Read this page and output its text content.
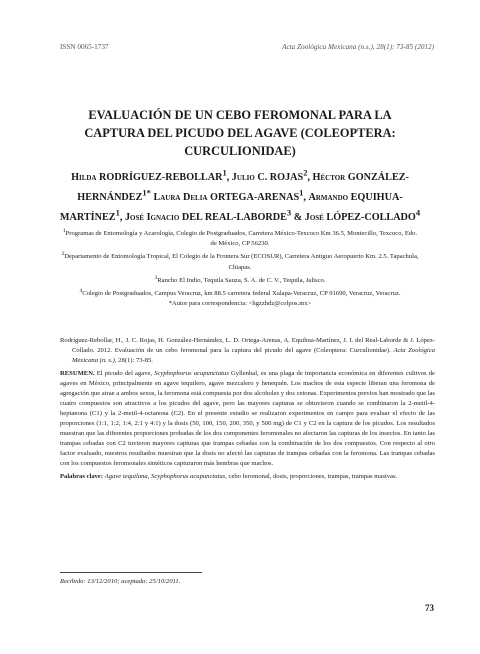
ISSN 0065-1737	Acta Zoológica Mexicana (n.s.), 28(1): 73-85 (2012)
EVALUACIÓN DE UN CEBO FEROMONAL PARA LA CAPTURA DEL PICUDO DEL AGAVE (COLEOPTERA: CURCULIONIDAE)
Hilda RODRÍGUEZ-REBOLLAR$^1$, Julio C. ROJAS$^2$, Héctor GONZÁLEZ-$HERNÁNDEZ^{1*}$ Laura Delia ORTEGA-ARENAS$^1$, Armando EQUIHUA-MARTÍNEZ$^1$, José Ignacio DEL REAL-LABORDE$^3$ & José LÓPEZ-COLLADO$^4$

$^1$Programas de Entomología y Acarología, Colegio de Postgraduados, Carretera México-Texcoco Km 36.5, Montecillo, Texcoco, Edo. de México, CP 56230.

$^2$Departamento de Entomología Tropical, El Colegio de la Frontera Sur (ECOSUR), Carretera Antiguo Aeropuerto Km. 2.5. Tapachula, Chiapas.

$^3$Rancho El Indio, Tequila Sauza, S. A. de C. V., Tequila, Jalisco.

$^4$Colegio de Postgraduados, Campus Veracruz, km 88.5 carretera federal Xalapa-Veracruz, CP 91690, Veracruz, Veracruz.

*Autor para correspondencia: <hgzzhdz@colpos.mx>

Rodríguez-Rebollar, H., J. C. Rojas, H. González-Hernández, L. D. Ortega-Arenas, A. Equihua-Martínez, J. I. del Real-Laborde & J. López-Collado. 2012. Evaluación de un cebo feromonal para la captura del picudo del agave (Coleoptera: Curculionidae). Acta Zoológica Mexicana (n. s.), 28(1): 73-85.

RESUMEN. El picudo del agave, Scyphophorus acupunctatus Gyllenhal, es una plaga de importancia económica en diferentes cultivos de agaves en México, principalmente en agave tequilero, agave mezcalero y henequén. Los machos de esta especie liberan una feromona de agregación que atrae a ambos sexos, la feromona está compuesta por dos alcoholes y dos cetonas. Experimentos previos han mostrado que las cuatro compuestos son atractivos a los picudos del agave, pero las mayores capturas se obtuvieron cuando se combinaron la 2-metil-4-heptanona (C1) y la 2-metil-4-octanona (C2). En el presente estudio se realizaron experimentos en campo para evaluar el efecto de las proporciones (1:1, 1:2, 1:4, 2:1 y 4:1) y la dosis (50, 100, 150, 200, 350, y 500 mg) de C1 y C2 en la captura de los picudos. Los resultados muestran que las diferentes proporciones probadas de los dos componentes feromonales no afectaron las capturas de los insectos. En tanto las trampas cebadas con C2 tuvieron mayores capturas que trampas cebadas con la combinación de los dos compuestos. Con respecto al otro factor evaluado, nuestros resultados muestran que la dosis no afectó las capturas de trampas cebadas con la feromona. Las trampas cebadas con los compuestos feromonales sintéticos capturaron más hembras que machos.

Palabras clave: Agave tequilana, Scyphophorus acupunctatus, cebo feromonal, dosis, proporciones, trampas, trampas masivas.

Recibido: 13/12/2010; aceptado: 25/10/2011.
73
